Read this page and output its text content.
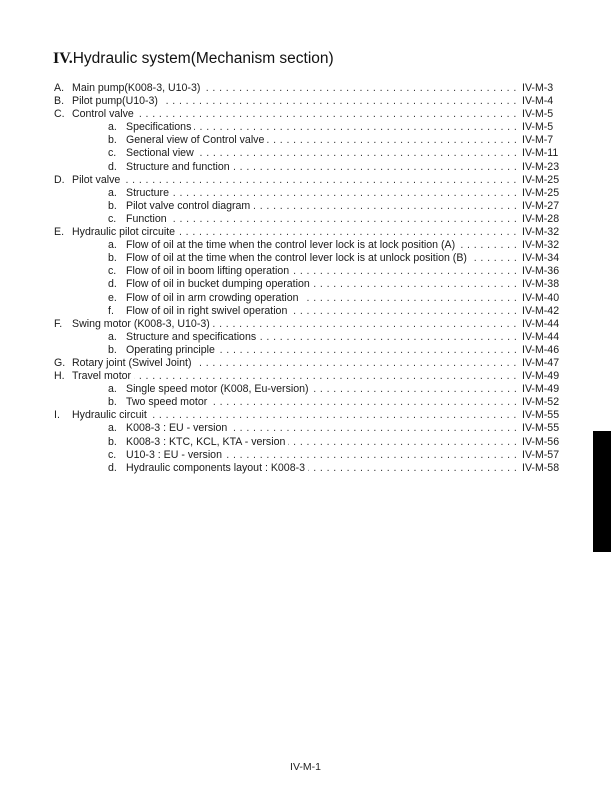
IV.Hydraulic system(Mechanism section)
A. Main pump(K008-3, U10-3) . . .	IV-M-3
B. Pilot pump(U10-3) . . .	IV-M-4
C. Control valve . . .	IV-M-5
a. Specifications . . .	IV-M-5
b. General view of Control valve . . .	IV-M-7
c. Sectional view . . .	IV-M-11
d. Structure and function . . .	IV-M-23
D. Pilot valve . . .	IV-M-25
a. Structure . . .	IV-M-25
b. Pilot valve control diagram . . .	IV-M-27
c. Function . . .	IV-M-28
E. Hydraulic pilot circuite . . .	IV-M-32
a. Flow of oil at the time when the control lever lock is at lock position (A) . . .	IV-M-32
b. Flow of oil at the time when the control lever lock is at unlock position (B) . . .	IV-M-34
c. Flow of oil in boom lifting operation . . .	IV-M-36
d. Flow of oil in bucket dumping operation . . .	IV-M-38
e. Flow of oil in arm crowding operation . . .	IV-M-40
f. Flow of oil in right swivel operation . . .	IV-M-42
F. Swing motor (K008-3, U10-3) . . .	IV-M-44
a. Structure and specifications . . .	IV-M-44
b. Operating principle . . .	IV-M-46
G. Rotary joint (Swivel Joint) . . .	IV-M-47
H. Travel motor . . .	IV-M-49
a. Single speed motor (K008, Eu-version) . . .	IV-M-49
b. Two speed motor . . .	IV-M-52
I. Hydraulic circuit . . .	IV-M-55
a. K008-3 : EU - version . . .	IV-M-55
b. K008-3 : KTC, KCL, KTA - version . . .	IV-M-56
c. U10-3 : EU - version . . .	IV-M-57
d. Hydraulic components layout : K008-3 . . .	IV-M-58
IV-M-1
